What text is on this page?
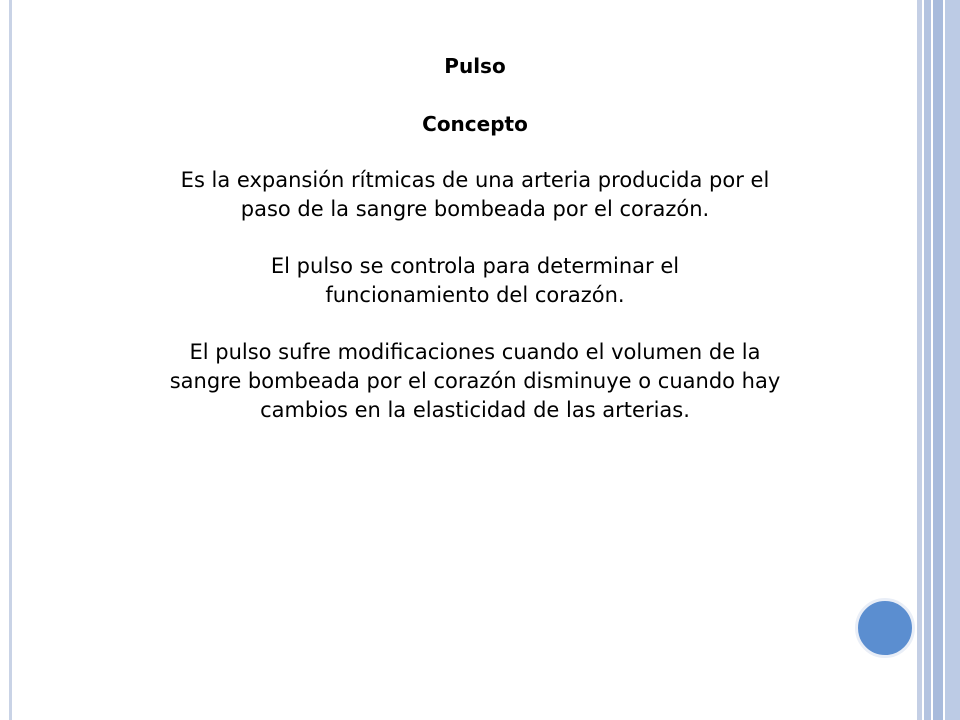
Pulso
Concepto
Es la expansión rítmicas de una arteria producida por el paso de la sangre bombeada por el corazón.
El pulso se controla para determinar el funcionamiento del corazón.
El pulso sufre modificaciones cuando el volumen de la sangre bombeada por el corazón disminuye o cuando hay cambios en la elasticidad de las arterias.
